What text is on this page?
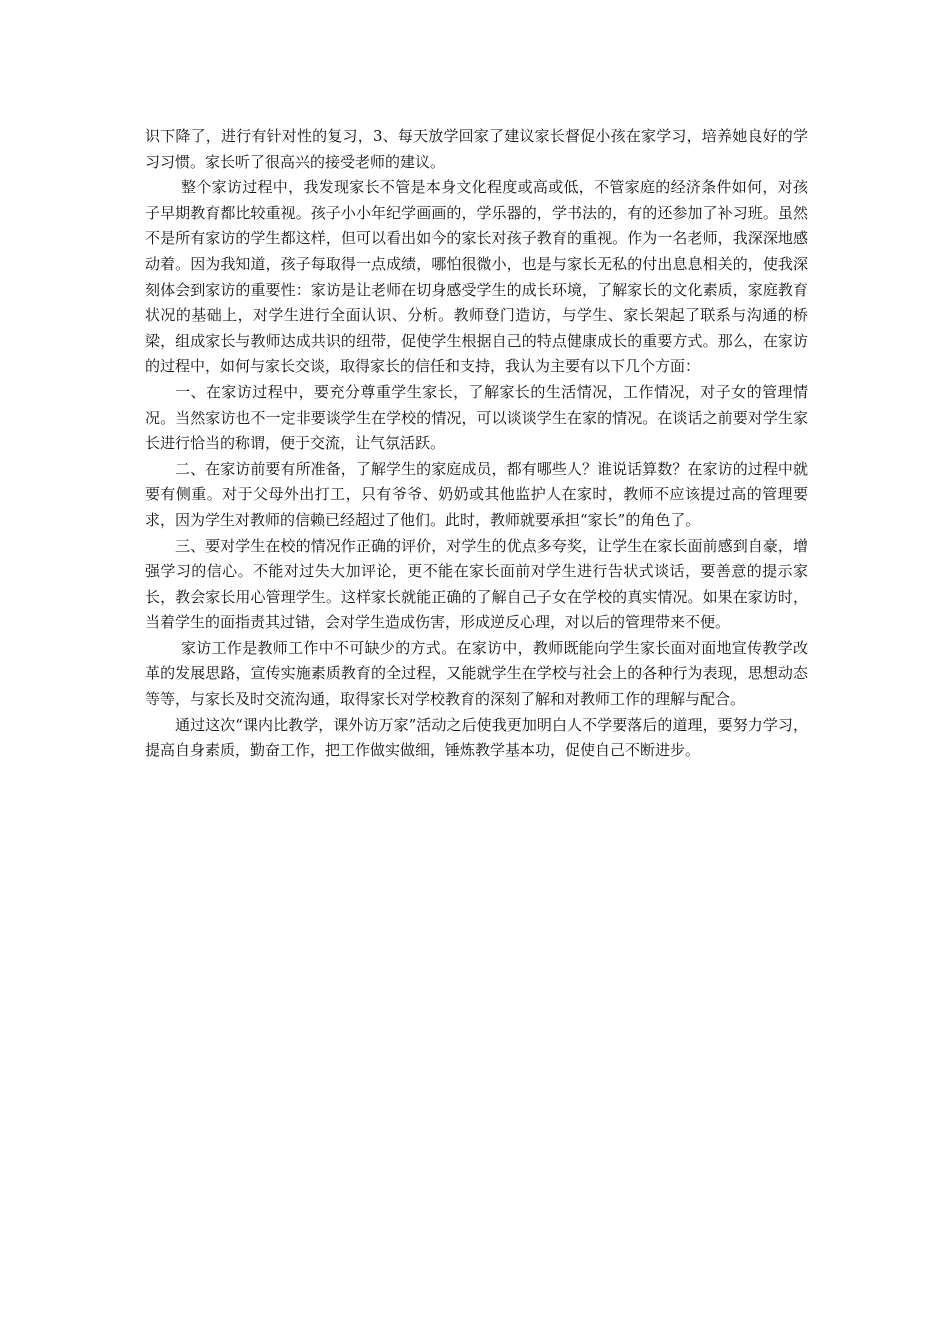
识下降了，进行有针对性的复习，3、每天放学回家了建议家长督促小孩在家学习，培养她良好的学习习惯。家长听了很高兴的接受老师的建议。

整个家访过程中，我发现家长不管是本身文化程度或高或低，不管家庭的经济条件如何，对孩子早期教育都比较重视。孩子小小年纪学画画的，学乐器的，学书法的，有的还参加了补习班。虽然不是所有家访的学生都这样，但可以看出如今的家长对孩子教育的重视。作为一名老师，我深深地感动着。因为我知道，孩子每取得一点成绩，哪怕很微小，也是与家长无私的付出息息相关的，使我深刻体会到家访的重要性：家访是让老师在切身感受学生的成长环境，了解家长的文化素质，家庭教育状况的基础上，对学生进行全面认识、分析。教师登门造访，与学生、家长架起了联系与沟通的桥梁，组成家长与教师达成共识的纽带，促使学生根据自己的特点健康成长的重要方式。那么，在家访的过程中，如何与家长交谈，取得家长的信任和支持，我认为主要有以下几个方面：

一、在家访过程中，要充分尊重学生家长，了解家长的生活情况，工作情况，对子女的管理情况。当然家访也不一定非要谈学生在学校的情况，可以谈谈学生在家的情况。在谈话之前要对学生家长进行恰当的称谓，便于交流，让气氛活跃。

二、在家访前要有所准备，了解学生的家庭成员，都有哪些人？谁说话算数？在家访的过程中就要有侧重。对于父母外出打工，只有爷爷、奶奶或其他监护人在家时，教师不应该提过高的管理要求，因为学生对教师的信赖已经超过了他们。此时，教师就要承担“家长”的角色了。

三、要对学生在校的情况作正确的评价，对学生的优点多夸奖，让学生在家长面前感到自豪，增强学习的信心。不能对过失大加评论，更不能在家长面前对学生进行告状式谈话，要善意的提示家长，教会家长用心管理学生。这样家长就能正确的了解自己子女在学校的真实情况。如果在家访时，当着学生的面指责其过错，会对学生造成伤害，形成逆反心理，对以后的管理带来不便。

家访工作是教师工作中不可缺少的方式。在家访中，教师既能向学生家长面对面地宣传教学改革的发展思路，宣传实施素质教育的全过程，又能就学生在学校与社会上的各种行为表现，思想动态等等，与家长及时交流沟通，取得家长对学校教育的深刻了解和对教师工作的理解与配合。

通过这次“课内比教学，课外访万家”活动之后使我更加明白人不学要落后的道理，要努力学习，提高自身素质，勤奋工作，把工作做实做细，锤炼教学基本功，促使自己不断进步。
